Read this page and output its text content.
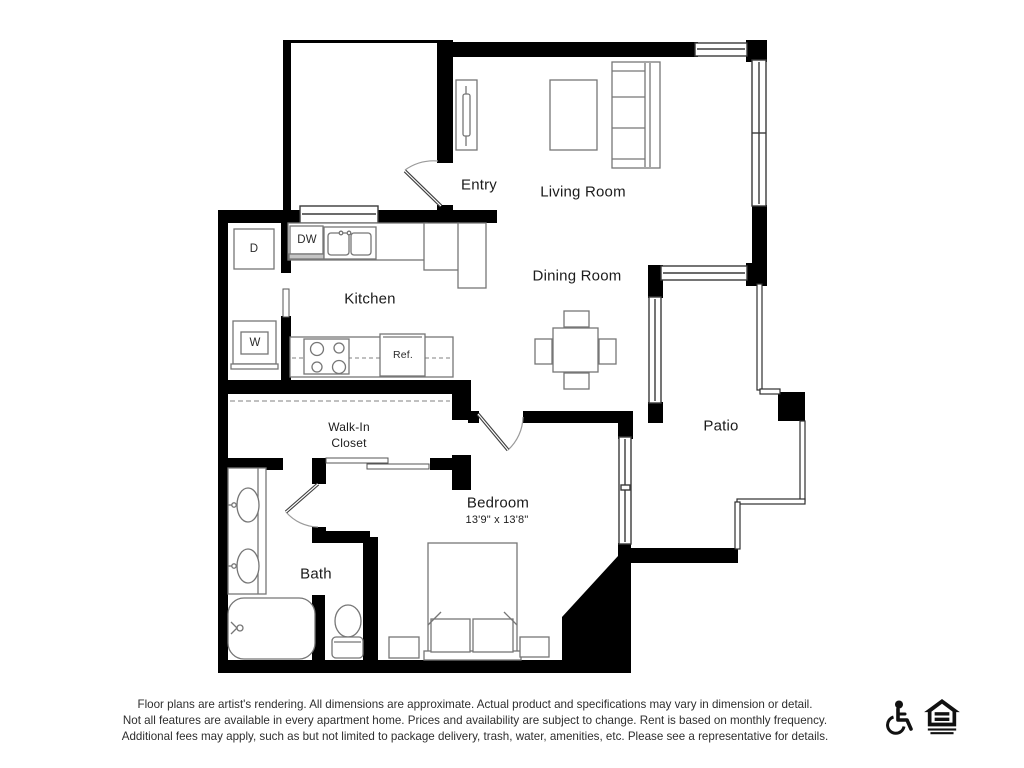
Entry	Living Room
Dining Room
Kitchen
Walk-In
Closet
Patio
Bedroom
13'9" x 13'8"
Bath
D
DW
W
Ref.
Floor plans are artist's rendering. All dimensions are approximate. Actual product and specifications may vary in dimension or detail.
Not all features are available in every apartment home. Prices and availability are subject to change. Rent is based on monthly frequency.
Additional fees may apply, such as but not limited to package delivery, trash, water, amenities, etc. Please see a representative for details.
